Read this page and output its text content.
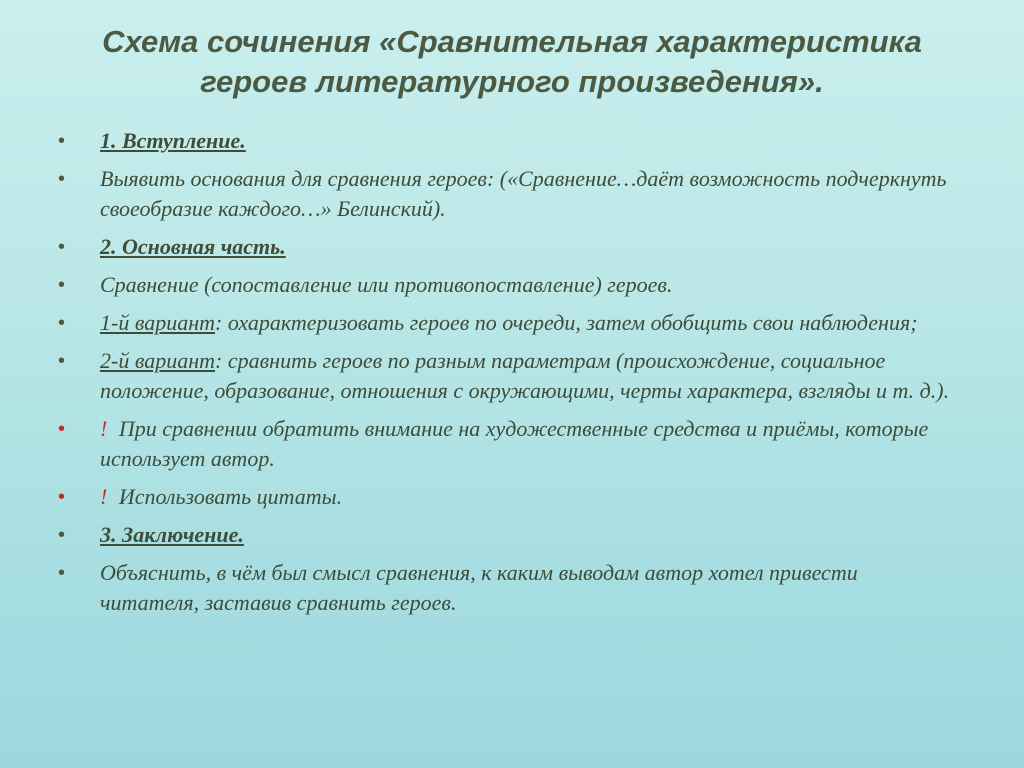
Схема сочинения «Сравнительная характеристика
героев литературного произведения».
• 1. Вступление.
• Выявить основания для сравнения героев: («Сравнение…даёт возможность подчеркнуть своеобразие каждого…» Белинский).
• 2. Основная часть.
• Сравнение (сопоставление или противопоставление) героев.
• 1-й вариант: охарактеризовать героев по очереди, затем обобщить свои наблюдения;
• 2-й вариант: сравнить героев по разным параметрам (происхождение, социальное положение, образование, отношения с окружающими, черты характера, взгляды и т. д.).
• ! При сравнении обратить внимание на художественные средства и приёмы, которые использует автор.
• ! Использовать цитаты.
• 3. Заключение.
• Объяснить, в чём был смысл сравнения, к каким выводам автор хотел привести читателя, заставив сравнить героев.
